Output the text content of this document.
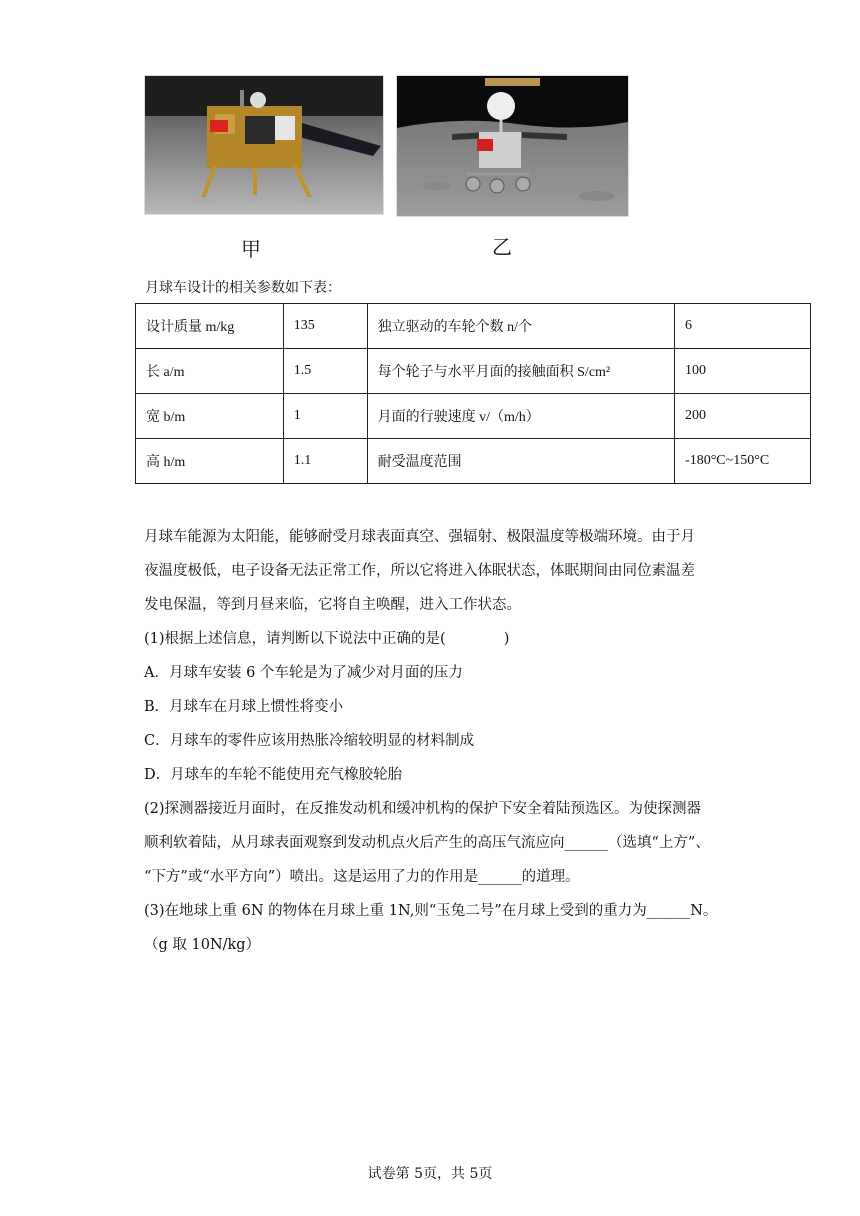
甲	乙
月球车设计的相关参数如下表：
设计质量 m/kg	135	独立驱动的车轮个数 n/个	6
长 a/m	1.5	每个轮子与水平月面的接触面积 S/cm²	100
宽 b/m	1	月面的行驶速度 v/（m/h）	200
高 h/m	1.1	耐受温度范围	-180°C~150°C
月球车能源为太阳能，能够耐受月球表面真空、强辐射、极限温度等极端环境。由于月
夜温度极低，电子设备无法正常工作，所以它将进入体眠状态，体眠期间由同位素温差
发电保温，等到月昼来临，它将自主唤醒，进入工作状态。
(1)根据上述信息，请判断以下说法中正确的是(　　　　)
A．月球车安装 6 个车轮是为了减少对月面的压力
B．月球车在月球上惯性将变小
C．月球车的零件应该用热胀冷缩较明显的材料制成
D．月球车的车轮不能使用充气橡胶轮胎
(2)探测器接近月面时，在反推发动机和缓冲机构的保护下安全着陆预选区。为使探测器
顺利软着陆，从月球表面观察到发动机点火后产生的高压气流应向______（选填“上方”、
“下方”或“水平方向”）喷出。这是运用了力的作用是______的道理。
(3)在地球上重 6N 的物体在月球上重 1N,则“玉兔二号”在月球上受到的重力为______N。
（g 取 10N/kg）
试卷第 5页，共 5页
